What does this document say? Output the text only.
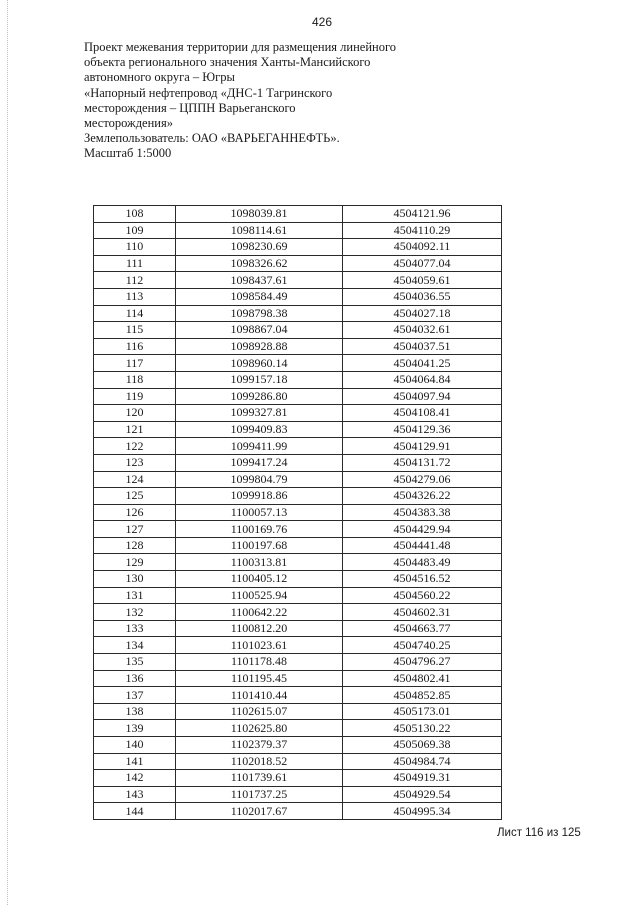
426
Проект межевания территории для размещения линейного
объекта регионального значения Ханты-Мансийского
автономного округа – Югры
«Напорный нефтепровод «ДНС-1 Тагринского
месторождения – ЦППН Варьеганского
месторождения»
Землепользователь: ОАО «ВАРЬЕГАННЕФТЬ».
Масштаб 1:5000
108	1098039.81	4504121.96
109	1098114.61	4504110.29
110	1098230.69	4504092.11
111	1098326.62	4504077.04
112	1098437.61	4504059.61
113	1098584.49	4504036.55
114	1098798.38	4504027.18
115	1098867.04	4504032.61
116	1098928.88	4504037.51
117	1098960.14	4504041.25
118	1099157.18	4504064.84
119	1099286.80	4504097.94
120	1099327.81	4504108.41
121	1099409.83	4504129.36
122	1099411.99	4504129.91
123	1099417.24	4504131.72
124	1099804.79	4504279.06
125	1099918.86	4504326.22
126	1100057.13	4504383.38
127	1100169.76	4504429.94
128	1100197.68	4504441.48
129	1100313.81	4504483.49
130	1100405.12	4504516.52
131	1100525.94	4504560.22
132	1100642.22	4504602.31
133	1100812.20	4504663.77
134	1101023.61	4504740.25
135	1101178.48	4504796.27
136	1101195.45	4504802.41
137	1101410.44	4504852.85
138	1102615.07	4505173.01
139	1102625.80	4505130.22
140	1102379.37	4505069.38
141	1102018.52	4504984.74
142	1101739.61	4504919.31
143	1101737.25	4504929.54
144	1102017.67	4504995.34
Лист 116 из 125
